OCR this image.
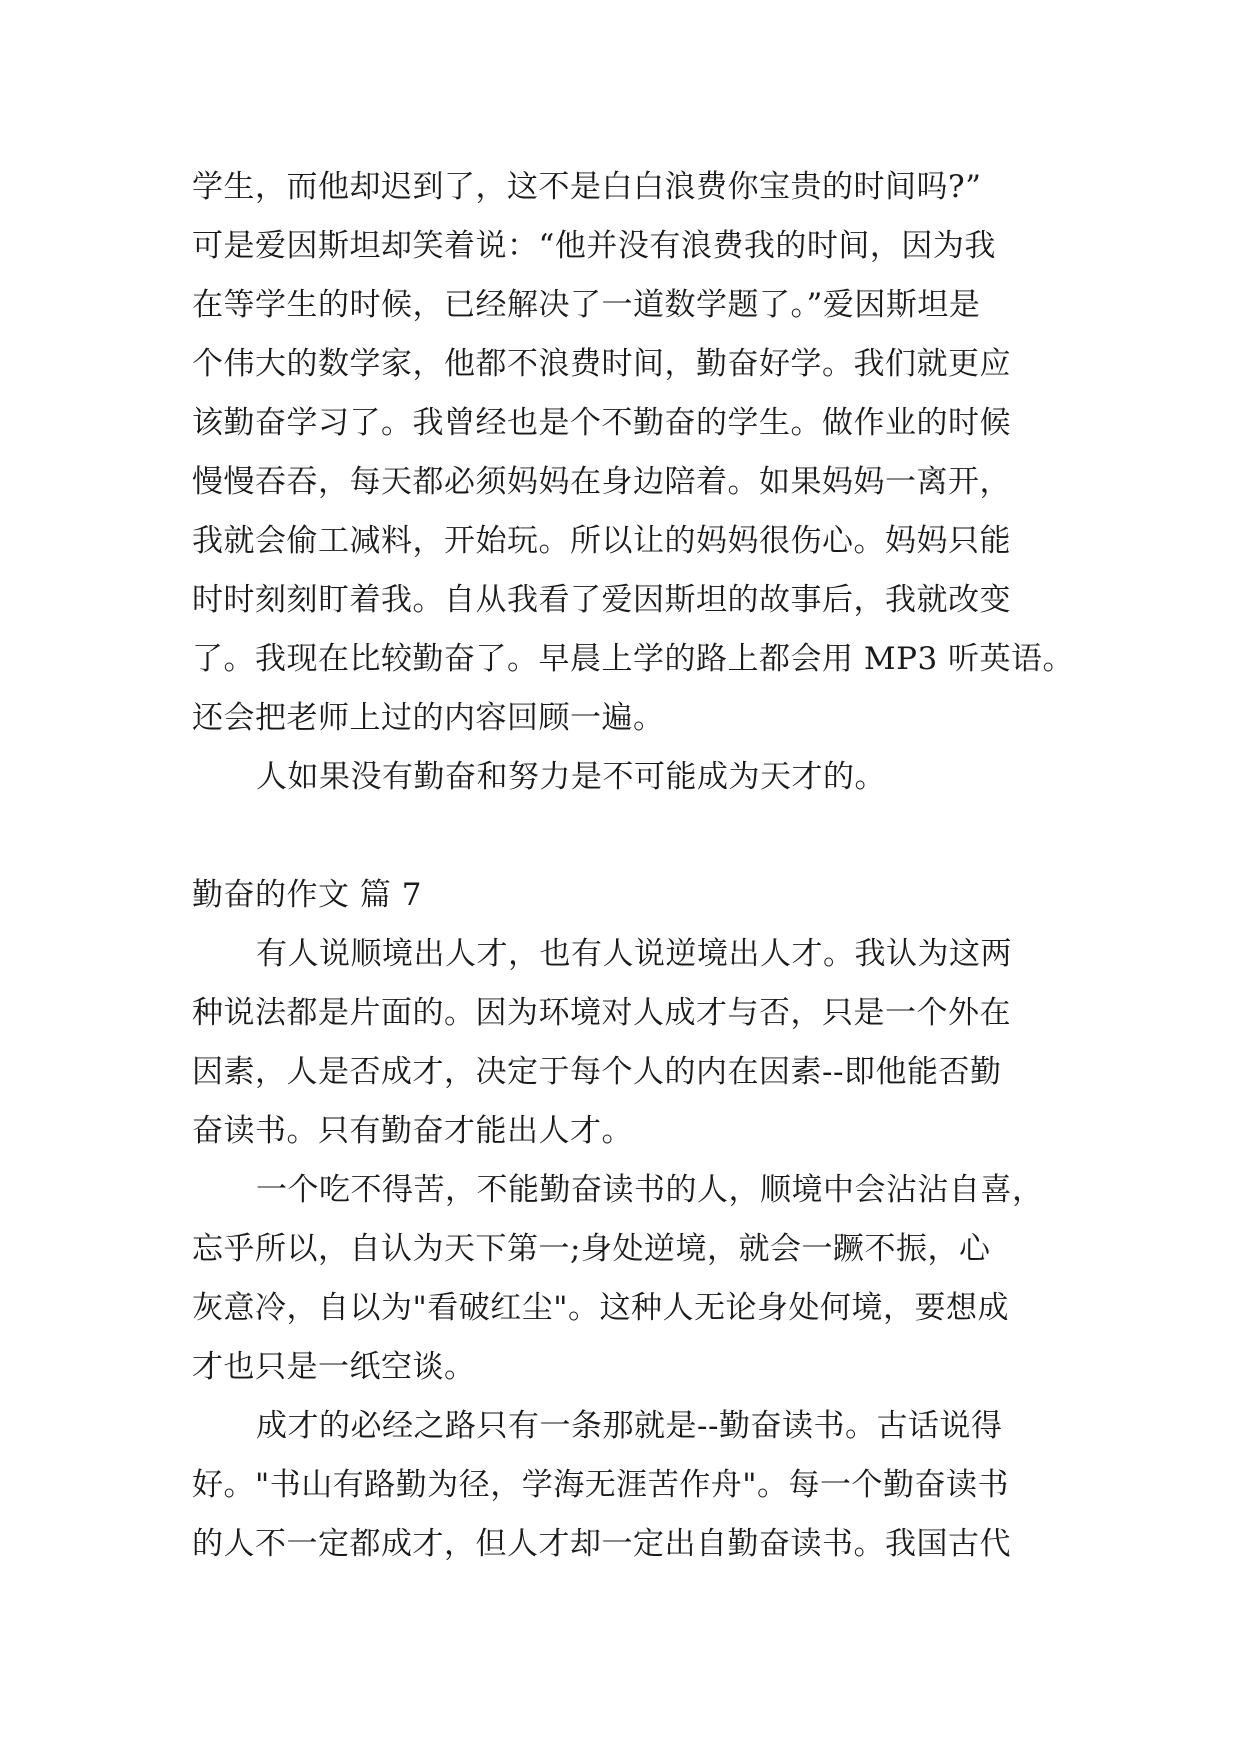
学生，而他却迟到了，这不是白白浪费你宝贵的时间吗?”
可是爱因斯坦却笑着说：“他并没有浪费我的时间，因为我
在等学生的时候，已经解决了一道数学题了。”爱因斯坦是
个伟大的数学家，他都不浪费时间，勤奋好学。我们就更应
该勤奋学习了。我曾经也是个不勤奋的学生。做作业的时候
慢慢吞吞，每天都必须妈妈在身边陪着。如果妈妈一离开，
我就会偷工减料，开始玩。所以让的妈妈很伤心。妈妈只能
时时刻刻盯着我。自从我看了爱因斯坦的故事后，我就改变
了。我现在比较勤奋了。早晨上学的路上都会用 MP3 听英语。
还会把老师上过的内容回顾一遍。
人如果没有勤奋和努力是不可能成为天才的。
勤奋的作文 篇 7
有人说顺境出人才，也有人说逆境出人才。我认为这两
种说法都是片面的。因为环境对人成才与否，只是一个外在
因素，人是否成才，决定于每个人的内在因素--即他能否勤
奋读书。只有勤奋才能出人才。
一个吃不得苦，不能勤奋读书的人，顺境中会沾沾自喜，
忘乎所以，自认为天下第一;身处逆境，就会一蹶不振，心
灰意冷，自以为"看破红尘"。这种人无论身处何境，要想成
才也只是一纸空谈。
成才的必经之路只有一条那就是--勤奋读书。古话说得
好。"书山有路勤为径，学海无涯苦作舟"。每一个勤奋读书
的人不一定都成才，但人才却一定出自勤奋读书。我国古代
